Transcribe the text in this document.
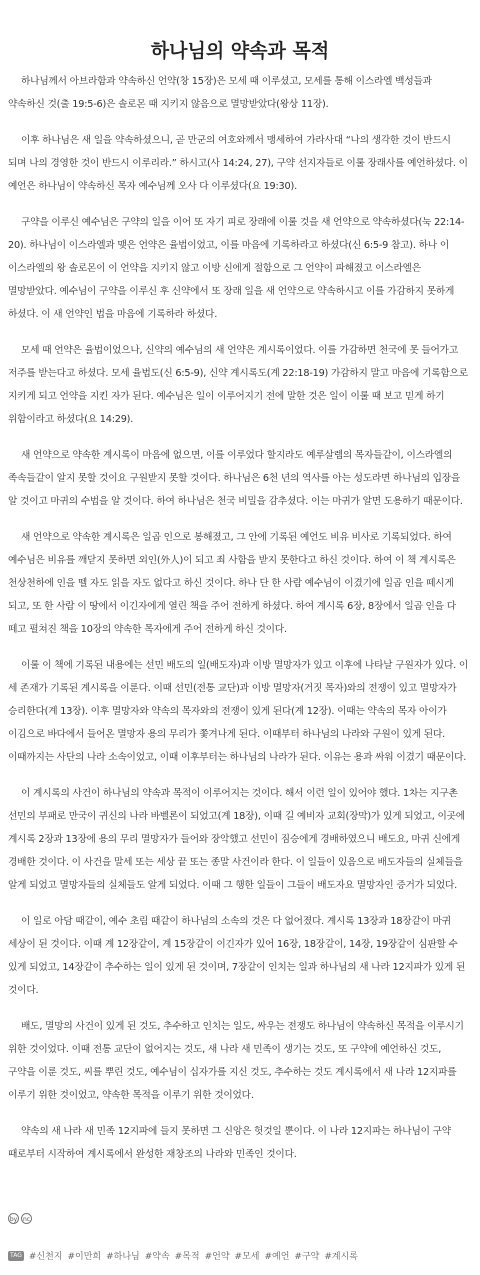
하나님의 약속과 목적

하나님께서 아브라함과 약속하신 언약(창 15장)은 모세 때 이루셨고, 모세를 통해 이스라엘 백성들과 약속하신 것(출 19:5-6)은 솔로몬 때 지키지 않음으로 멸망받았다(왕상 11장).

이후 하나님은 새 일을 약속하셨으니, 곧 만군의 여호와께서 맹세하여 가라사대 “나의 생각한 것이 반드시 되며 나의 경영한 것이 반드시 이루리라.” 하시고(사 14:24, 27), 구약 선지자들로 이룰 장래사를 예언하셨다. 이 예언은 하나님이 약속하신 목자 예수님께 오사 다 이루셨다(요 19:30).

구약을 이루신 예수님은 구약의 일을 이어 또 자기 피로 장래에 이룰 것을 새 언약으로 약속하셨다(눅 22:14-20). 하나님이 이스라엘과 맺은 언약은 율법이었고, 이를 마음에 기록하라고 하셨다(신 6:5-9 참고). 하나 이 이스라엘의 왕 솔로몬이 이 언약을 지키지 않고 이방 신에게 절함으로 그 언약이 파해졌고 이스라엘은 멸망받았다. 예수님이 구약을 이루신 후 신약에서 또 장래 일을 새 언약으로 약속하시고 이를 가감하지 못하게 하셨다. 이 새 언약인 법을 마음에 기록하라 하셨다.

모세 때 언약은 율법이었으나, 신약의 예수님의 새 언약은 계시록이었다. 이를 가감하면 천국에 못 들어가고 저주를 받는다고 하셨다. 모세 율법도(신 6:5-9), 신약 계시록도(계 22:18-19) 가감하지 말고 마음에 기록함으로 지키게 되고 언약을 지킨 자가 된다. 예수님은 일이 이루어지기 전에 말한 것은 일이 이룰 때 보고 믿게 하기 위함이라고 하셨다(요 14:29).

새 언약으로 약속한 계시록이 마음에 없으면, 이를 이루었다 할지라도 예루살렘의 목자들같이, 이스라엘의 족속들같이 알지 못할 것이요 구원받지 못할 것이다. 하나님은 6천 년의 역사를 아는 성도라면 하나님의 입장을 알 것이고 마귀의 수법을 알 것이다. 하여 하나님은 천국 비밀을 감추셨다. 이는 마귀가 알면 도용하기 때문이다.

새 언약으로 약속한 계시록은 일곱 인으로 봉해졌고, 그 안에 기록된 예언도 비유 비사로 기록되었다. 하여 예수님은 비유를 깨닫지 못하면 외인(外人)이 되고 죄 사함을 받지 못한다고 하신 것이다. 하여 이 책 계시록은 천상천하에 인을 뗄 자도 읽을 자도 없다고 하신 것이다. 하나 단 한 사람 예수님이 이겼기에 일곱 인을 떼시게 되고, 또 한 사람 이 땅에서 이긴자에게 열린 책을 주어 전하게 하셨다. 하여 계시록 6장, 8장에서 일곱 인을 다 떼고 펼쳐진 책을 10장의 약속한 목자에게 주어 전하게 하신 것이다.

이룰 이 책에 기록된 내용에는 선민 배도의 일(배도자)과 이방 멸망자가 있고 이후에 나타날 구원자가 있다. 이 세 존재가 기록된 계시록을 이룬다. 이때 선민(전통 교단)과 이방 멸망자(거짓 목자)와의 전쟁이 있고 멸망자가 승리한다(계 13장). 이후 멸망자와 약속의 목자와의 전쟁이 있게 된다(계 12장). 이때는 약속의 목자 아이가 이김으로 바다에서 들어온 멸망자 용의 무리가 쫓겨나게 된다. 이때부터 하나님의 나라와 구원이 있게 된다. 이때까지는 사단의 나라 소속이었고, 이때 이후부터는 하나님의 나라가 된다. 이유는 용과 싸워 이겼기 때문이다.

이 계시록의 사건이 하나님의 약속과 목적이 이루어지는 것이다. 해서 이런 일이 있어야 했다. 1차는 지구촌 선민의 부패로 만국이 귀신의 나라 바벨론이 되었고(계 18장), 이때 길 예비자 교회(장막)가 있게 되었고, 이곳에 계시록 2장과 13장에 용의 무리 멸망자가 들어와 장악했고 선민이 짐승에게 경배하였으니 배도요, 마귀 신에게 경배한 것이다. 이 사건을 말세 또는 세상 끝 또는 종말 사건이라 한다. 이 일들이 있음으로 배도자들의 실체들을 알게 되었고 멸망자들의 실체들도 알게 되었다. 이때 그 행한 일들이 그들이 배도자요 멸망자인 증거가 되었다.

이 일로 아담 때같이, 예수 초림 때같이 하나님의 소속의 것은 다 없어졌다. 계시록 13장과 18장같이 마귀 세상이 된 것이다. 이때 계 12장같이, 계 15장같이 이긴자가 있어 16장, 18장같이, 14장, 19장같이 심판할 수 있게 되었고, 14장같이 추수하는 일이 있게 된 것이며, 7장같이 인치는 일과 하나님의 새 나라 12지파가 있게 된 것이다.

배도, 멸망의 사건이 있게 된 것도, 추수하고 인치는 일도, 싸우는 전쟁도 하나님이 약속하신 목적을 이루시기 위한 것이었다. 이때 전통 교단이 없어지는 것도, 새 나라 새 민족이 생기는 것도, 또 구약에 예언하신 것도, 구약을 이룬 것도, 씨를 뿌린 것도, 예수님이 십자가를 지신 것도, 추수하는 것도 계시록에서 새 나라 12지파를 이루기 위한 것이었고, 약속한 목적을 이루기 위한 것이었다.

약속의 새 나라 새 민족 12지파에 들지 못하면 그 신앙은 헛것일 뿐이다. 이 나라 12지파는 하나님이 구약 때로부터 시작하여 계시록에서 완성한 재창조의 나라와 민족인 것이다.

by nc
TAG #신천지 #이만희 #하나님 #약속 #목적 #언약 #모세 #예언 #구약 #계시록
